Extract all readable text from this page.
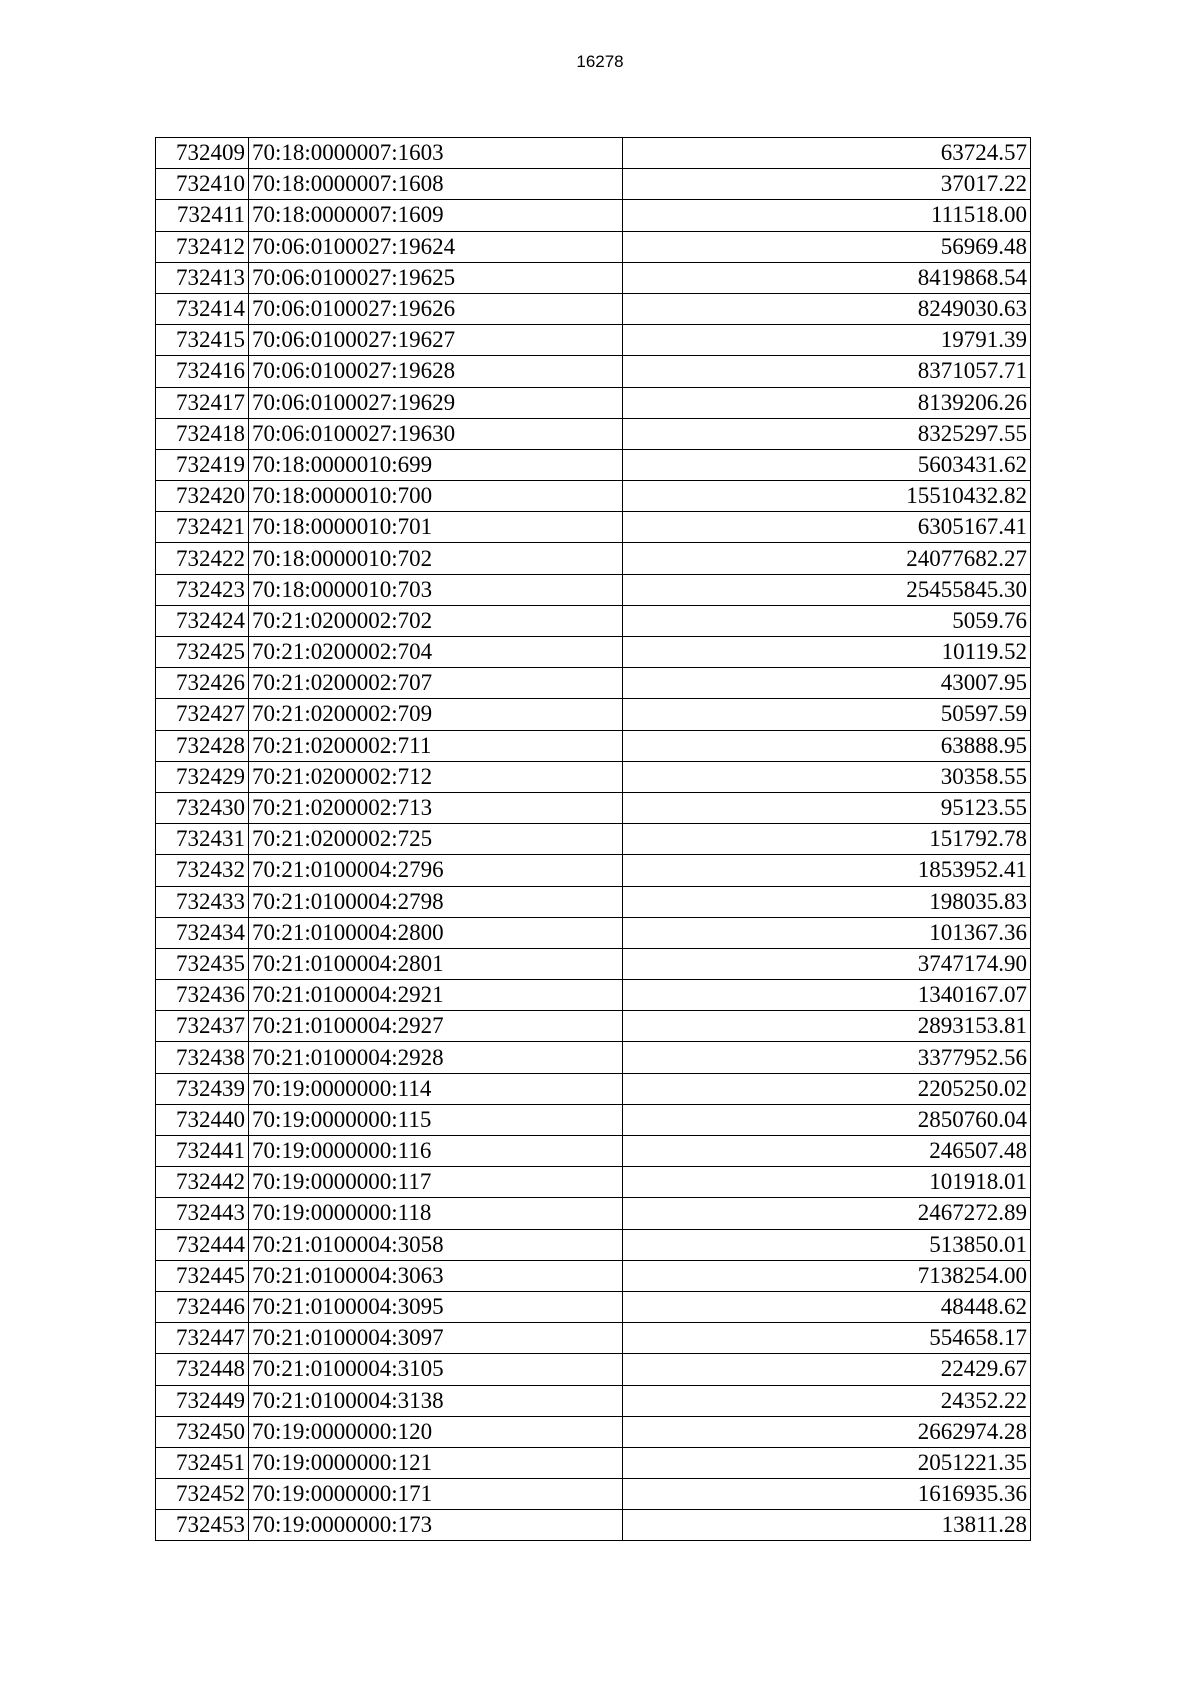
16278
732409	70:18:0000007:1603	63724.57
732410	70:18:0000007:1608	37017.22
732411	70:18:0000007:1609	111518.00
732412	70:06:0100027:19624	56969.48
732413	70:06:0100027:19625	8419868.54
732414	70:06:0100027:19626	8249030.63
732415	70:06:0100027:19627	19791.39
732416	70:06:0100027:19628	8371057.71
732417	70:06:0100027:19629	8139206.26
732418	70:06:0100027:19630	8325297.55
732419	70:18:0000010:699	5603431.62
732420	70:18:0000010:700	15510432.82
732421	70:18:0000010:701	6305167.41
732422	70:18:0000010:702	24077682.27
732423	70:18:0000010:703	25455845.30
732424	70:21:0200002:702	5059.76
732425	70:21:0200002:704	10119.52
732426	70:21:0200002:707	43007.95
732427	70:21:0200002:709	50597.59
732428	70:21:0200002:711	63888.95
732429	70:21:0200002:712	30358.55
732430	70:21:0200002:713	95123.55
732431	70:21:0200002:725	151792.78
732432	70:21:0100004:2796	1853952.41
732433	70:21:0100004:2798	198035.83
732434	70:21:0100004:2800	101367.36
732435	70:21:0100004:2801	3747174.90
732436	70:21:0100004:2921	1340167.07
732437	70:21:0100004:2927	2893153.81
732438	70:21:0100004:2928	3377952.56
732439	70:19:0000000:114	2205250.02
732440	70:19:0000000:115	2850760.04
732441	70:19:0000000:116	246507.48
732442	70:19:0000000:117	101918.01
732443	70:19:0000000:118	2467272.89
732444	70:21:0100004:3058	513850.01
732445	70:21:0100004:3063	7138254.00
732446	70:21:0100004:3095	48448.62
732447	70:21:0100004:3097	554658.17
732448	70:21:0100004:3105	22429.67
732449	70:21:0100004:3138	24352.22
732450	70:19:0000000:120	2662974.28
732451	70:19:0000000:121	2051221.35
732452	70:19:0000000:171	1616935.36
732453	70:19:0000000:173	13811.28
